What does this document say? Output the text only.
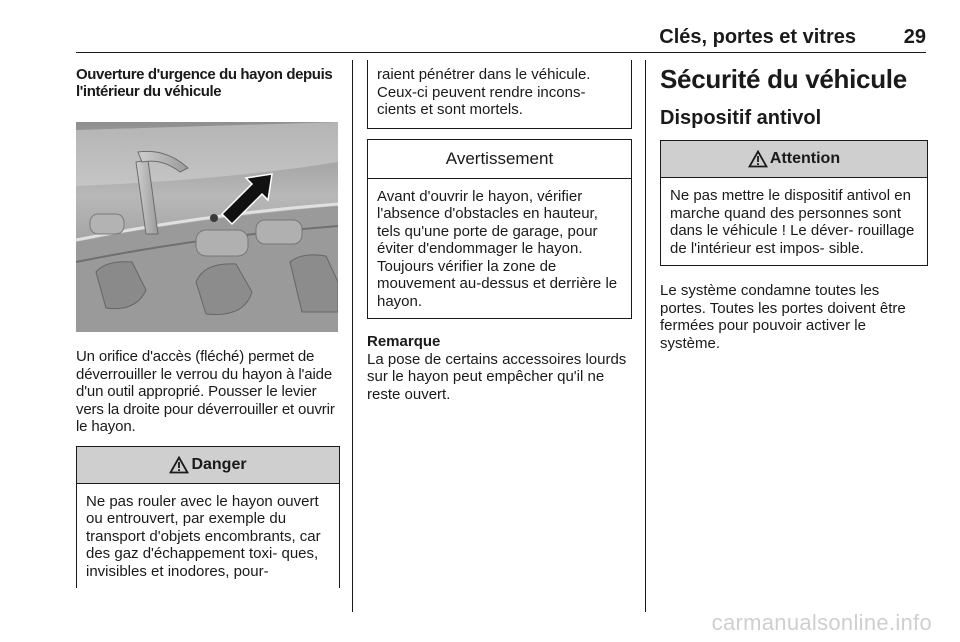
Clés, portes et vitres 29
Ouverture d'urgence du hayon depuis l'intérieur du véhicule

Un orifice d'accès (fléché) permet de déverrouiller le verrou du hayon à l'aide d'un outil approprié. Pousser le levier vers la droite pour déverrouiller et ouvrir le hayon.

Danger
Ne pas rouler avec le hayon ouvert ou entrouvert, par exemple du transport d'objets encombrants, car des gaz d'échappement toxi- ques, invisibles et inodores, pour-
raient pénétrer dans le véhicule. Ceux-ci peuvent rendre incons- cients et sont mortels.
Avertissement
Avant d'ouvrir le hayon, vérifier l'absence d'obstacles en hauteur, tels qu'une porte de garage, pour éviter d'endommager le hayon. Toujours vérifier la zone de mouvement au-dessus et derrière le hayon.
Remarque

La pose de certains accessoires lourds sur le hayon peut empêcher qu'il ne reste ouvert.

Sécurité du véhicule
Dispositif antivol
Attention
Ne pas mettre le dispositif antivol en marche quand des personnes sont dans le véhicule ! Le déver- rouillage de l'intérieur est impos- sible.

Le système condamne toutes les portes. Toutes les portes doivent être fermées pour pouvoir activer le système.

carmanualsonline.info
